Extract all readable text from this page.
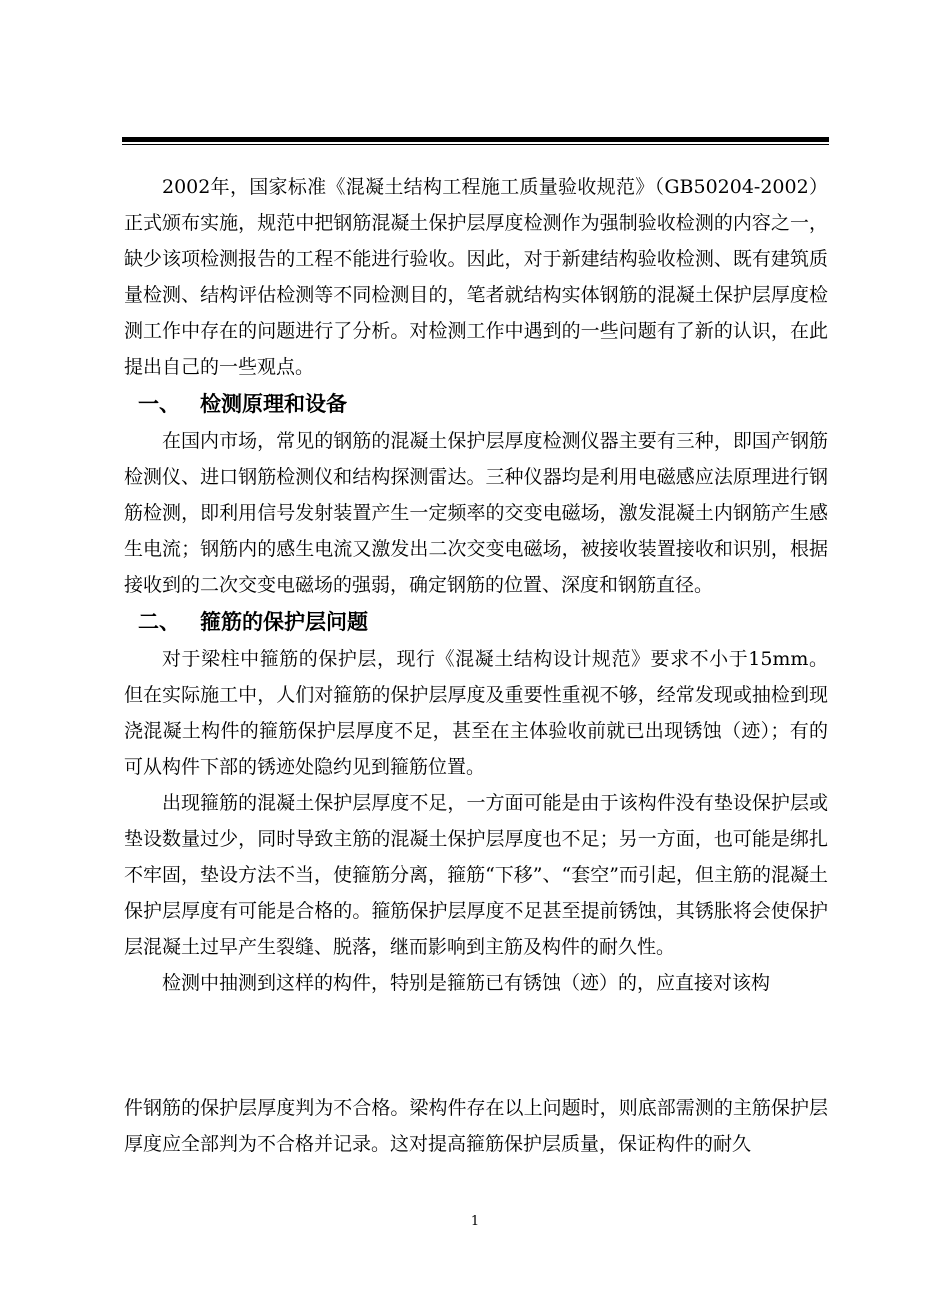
2002年，国家标准《混凝土结构工程施工质量验收规范》（GB50204-2002）正式颁布实施，规范中把钢筋混凝土保护层厚度检测作为强制验收检测的内容之一，缺少该项检测报告的工程不能进行验收。因此，对于新建结构验收检测、既有建筑质量检测、结构评估检测等不同检测目的，笔者就结构实体钢筋的混凝土保护层厚度检测工作中存在的问题进行了分析。对检测工作中遇到的一些问题有了新的认识，在此提出自己的一些观点。

一、 检测原理和设备

在国内市场，常见的钢筋的混凝土保护层厚度检测仪器主要有三种，即国产钢筋检测仪、进口钢筋检测仪和结构探测雷达。三种仪器均是利用电磁感应法原理进行钢筋检测，即利用信号发射装置产生一定频率的交变电磁场，激发混凝土内钢筋产生感生电流；钢筋内的感生电流又激发出二次交变电磁场，被接收装置接收和识别，根据接收到的二次交变电磁场的强弱，确定钢筋的位置、深度和钢筋直径。

二、 箍筋的保护层问题

对于梁柱中箍筋的保护层，现行《混凝土结构设计规范》要求不小于15mm。但在实际施工中，人们对箍筋的保护层厚度及重要性重视不够，经常发现或抽检到现浇混凝土构件的箍筋保护层厚度不足，甚至在主体验收前就已出现锈蚀（迹）；有的可从构件下部的锈迹处隐约见到箍筋位置。

出现箍筋的混凝土保护层厚度不足，一方面可能是由于该构件没有垫设保护层或垫设数量过少，同时导致主筋的混凝土保护层厚度也不足；另一方面，也可能是绑扎不牢固，垫设方法不当，使箍筋分离，箍筋“下移”、“套空”而引起，但主筋的混凝土保护层厚度有可能是合格的。箍筋保护层厚度不足甚至提前锈蚀，其锈胀将会使保护层混凝土过早产生裂缝、脱落，继而影响到主筋及构件的耐久性。

检测中抽测到这样的构件，特别是箍筋已有锈蚀（迹）的，应直接对该构

件钢筋的保护层厚度判为不合格。梁构件存在以上问题时，则底部需测的主筋保护层厚度应全部判为不合格并记录。这对提高箍筋保护层质量，保证构件的耐久

1
